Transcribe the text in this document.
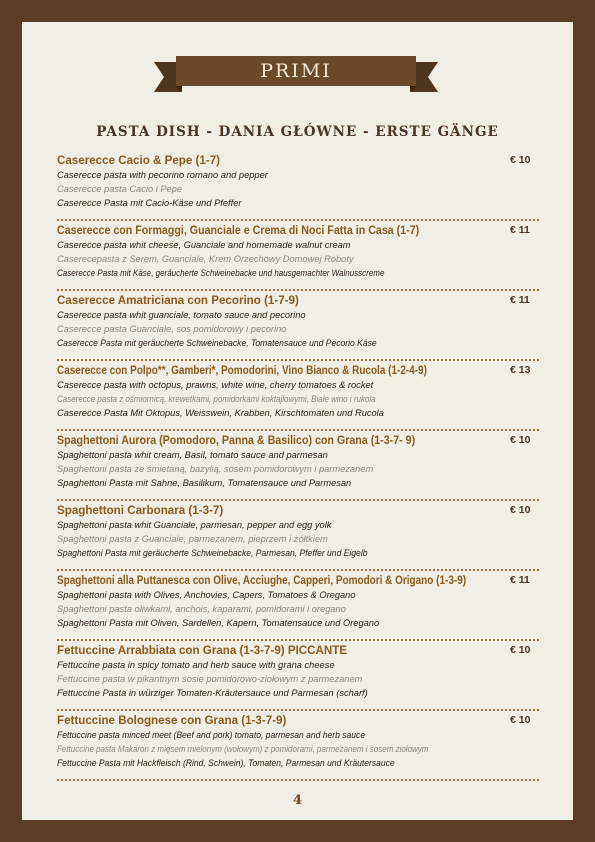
PRIMI
PASTA DISH - DANIA GŁÓWNE - ERSTE GÄNGE
Caserecce Cacio & Pepe (1-7)	€ 10
Caserecce pasta with pecorino romano and pepper
Caserecce pasta Cacio i Pepe
Caserecce Pasta mit Cacio-Käse und Pfeffer
Caserecce con Formaggi, Guanciale e Crema di Noci Fatta in Casa (1-7)	€ 11
Caserecce pasta whit cheese, Guanciale and homemade walnut cream
Caserecepasta z Serem, Guanciale, Krem Orzechowy Domowej Roboty
Caserecce Pasta mit Käse, geräucherte Schweinebacke und hausgemachter Walnusscreme
Caserecce Amatriciana con Pecorino (1-7-9)	€ 11
Caserecce pasta whit guanciale, tomato sauce and pecorino
Caserecce pasta Guanciale, sos pomidorowy i pecorino
Caserecce Pasta mit geräucherte Schweinebacke, Tomatensauce und Pecorio Käse
Caserecce con Polpo**, Gamberi*, Pomodorini, Vino Bianco & Rucola (1-2-4-9)	€ 13
Caserecce pasta with octopus, prawns, white wine, cherry tomatoes & rocket
Caserecce pasta z ośmiornicą, krewetkami, pomidorkami koktajlowymi, Białe wino i rukola
Caserecce Pasta Mit Oktopus, Weisswein, Krabben, Kirschtomaten und Rucola
Spaghettoni Aurora (Pomodoro, Panna & Basilico) con Grana (1-3-7- 9)	€ 10
Spaghettoni pasta whit cream, Basil, tomato sauce and parmesan
Spaghettoni pasta ze śmietaną, bazylią, sosem pomidorowym i parmezanem
Spaghettoni Pasta mit Sahne, Basilikum, Tomatensauce und Parmesan
Spaghettoni Carbonara (1-3-7)	€ 10
Spaghettoni pasta whit Guanciale, parmesan, pepper and egg yolk
Spaghettoni pasta z Guanciale, parmezanem, pieprzem i żółtkiem
Spaghettoni Pasta mit geräucherte Schweinebacke, Parmesan, Pfeffer und Eigelb
Spaghettoni alla Puttanesca con Olive, Acciughe, Capperi, Pomodori & Origano (1-3-9)	€ 11
Spaghettoni pasta with Olives, Anchovies, Capers, Tomatoes & Oregano
Spaghettoni pasta oliwkami, anchois, kaparami, pomidorami i oregano
Spaghettoni Pasta mit Oliven, Sardellen, Kapern, Tomatensauce und Oregano
Fettuccine Arrabbiata con Grana (1-3-7-9) PICCANTE	€ 10
Fettuccine pasta in spicy tomato and herb sauce with grana cheese
Fettuccine pasta w pikantnym sosie pomidorowo-ziołowym z parmezanem
Fettuccine Pasta in würziger Tomaten-Kräutersauce und Parmesan (scharf)
Fettuccine Bolognese con Grana (1-3-7-9)	€ 10
Fettuccine pasta minced meet (Beef and pork) tomato, parmesan and herb sauce
Fettuccine pasta Makaron z mięsem mielonym (wołowym) z pomidorami, parmezanem i sosem ziołowym
Fettuccine Pasta mit Hackfleisch (Rind, Schwein), Tomaten, Parmesan und Kräutersauce
4
